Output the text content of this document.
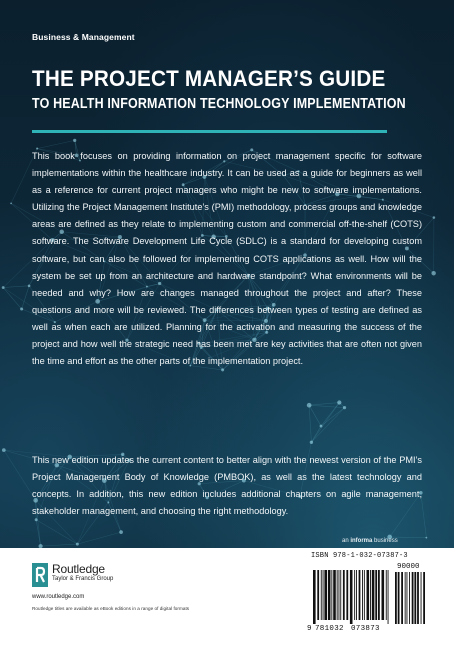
Business & Management
THE PROJECT MANAGER’S GUIDE
TO HEALTH INFORMATION TECHNOLOGY IMPLEMENTATION

This book focuses on providing information on project management specific for software implementations within the healthcare industry. It can be used as a guide for beginners as well as a reference for current project managers who might be new to software implementations. Utilizing the Project Management Institute’s (PMI) methodology, process groups and knowledge areas are defined as they relate to implementing custom and commercial off-the-shelf (COTS) software. The Software Development Life Cycle (SDLC) is a standard for developing custom software, but can also be followed for implementing COTS applications as well. How will the system be set up from an architecture and hardware standpoint? What environments will be needed and why? How are changes managed throughout the project and after? These questions and more will be reviewed. The differences between types of testing are defined as well as when each are utilized. Planning for the activation and measuring the success of the project and how well the strategic need has been met are key activities that are often not given the time and effort as the other parts of the implementation project.

This new edition updates the current content to better align with the newest version of the PMI’s Project Management Body of Knowledge (PMBOK), as well as the latest technology and concepts. In addition, this new edition includes additional chapters on agile management, stakeholder management, and choosing the right methodology.

an informa business
Routledge
Taylor & Francis Group
www.routledge.com
Routledge titles are available as eBook editions in a range of digital formats
ISBN 978-1-032-07387-3
9 781032 073873
90000
